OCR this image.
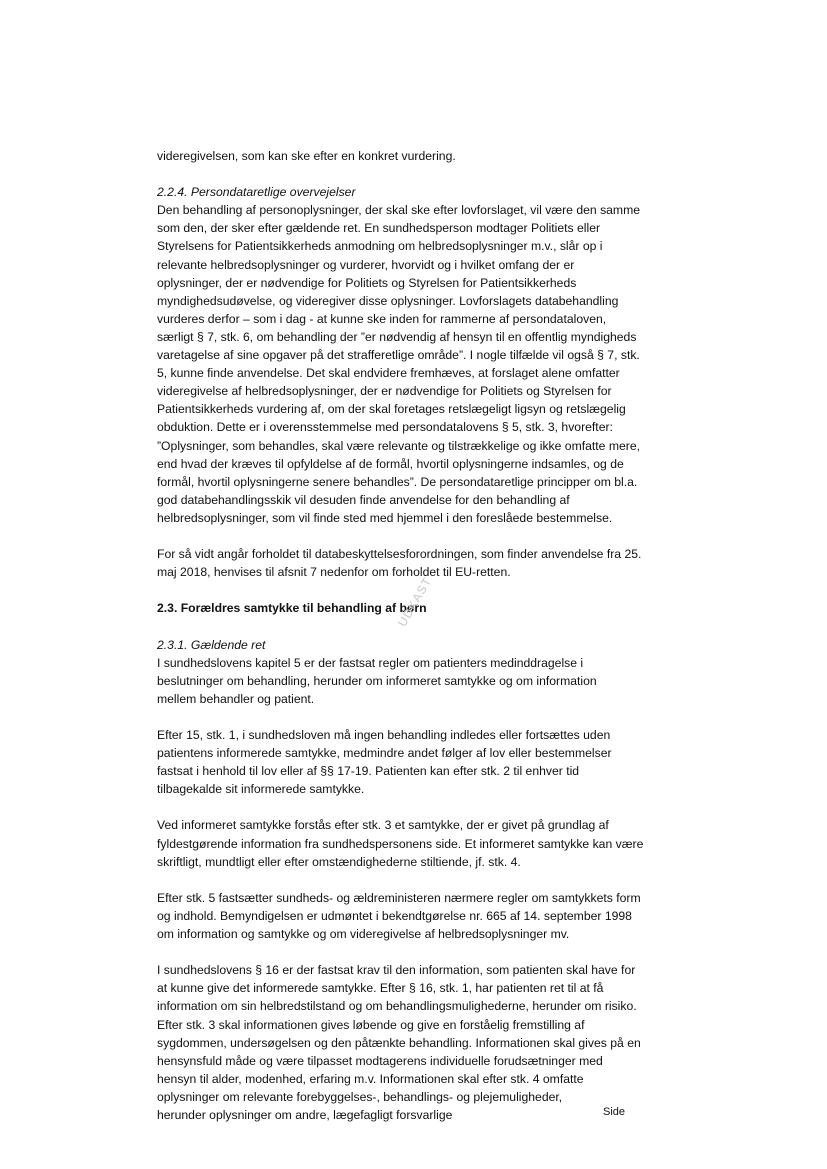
videregivelsen, som kan ske efter en konkret vurdering.
2.2.4. Persondataretlige overvejelser
Den behandling af personoplysninger, der skal ske efter lovforslaget, vil være den samme
som den, der sker efter gældende ret. En sundhedsperson modtager Politiets eller
Styrelsens for Patientsikkerheds anmodning om helbredsoplysninger m.v., slår op i
relevante helbredsoplysninger og vurderer, hvorvidt og i hvilket omfang der er
oplysninger, der er nødvendige for Politiets og Styrelsen for Patientsikkerheds
myndighedsudøvelse, og videregiver disse oplysninger. Lovforslagets databehandling
vurderes derfor – som i dag - at kunne ske inden for rammerne af persondataloven,
særligt § 7, stk. 6, om behandling der ”er nødvendig af hensyn til en offentlig myndigheds
varetagelse af sine opgaver på det strafferetlige område”. I nogle tilfælde vil også § 7, stk.
5, kunne finde anvendelse. Det skal endvidere fremhæves, at forslaget alene omfatter
videregivelse af helbredsoplysninger, der er nødvendige for Politiets og Styrelsen for
Patientsikkerheds vurdering af, om der skal foretages retslægeligt ligsyn og retslægelig
obduktion. Dette er i overensstemmelse med persondatalovens § 5, stk. 3, hvorefter:
”Oplysninger, som behandles, skal være relevante og tilstrækkelige og ikke omfatte mere,
end hvad der kræves til opfyldelse af de formål, hvortil oplysningerne indsamles, og de
formål, hvortil oplysningerne senere behandles”. De persondataretlige principper om bl.a.
god databehandlingsskik vil desuden finde anvendelse for den behandling af
helbredsoplysninger, som vil finde sted med hjemmel i den foreslåede bestemmelse.
For så vidt angår forholdet til databeskyttelsesforordningen, som finder anvendelse fra 25.
maj 2018, henvises til afsnit 7 nedenfor om forholdet til EU-retten.
2.3. Forældres samtykke til behandling af børn
2.3.1. Gældende ret
I sundhedslovens kapitel 5 er der fastsat regler om patienters medinddragelse i
beslutninger om behandling, herunder om informeret samtykke og om information
mellem behandler og patient.
Efter 15, stk. 1, i sundhedsloven må ingen behandling indledes eller fortsættes uden
patientens informerede samtykke, medmindre andet følger af lov eller bestemmelser
fastsat i henhold til lov eller af §§ 17-19. Patienten kan efter stk. 2 til enhver tid
tilbagekalde sit informerede samtykke.
Ved informeret samtykke forstås efter stk. 3 et samtykke, der er givet på grundlag af
fyldestgørende information fra sundhedspersonens side. Et informeret samtykke kan være
skriftligt, mundtligt eller efter omstændighederne stiltiende, jf. stk. 4.
Efter stk. 5 fastsætter sundheds- og ældreministeren nærmere regler om samtykkets form
og indhold. Bemyndigelsen er udmøntet i bekendtgørelse nr. 665 af 14. september 1998
om information og samtykke og om videregivelse af helbredsoplysninger mv.
I sundhedslovens § 16 er der fastsat krav til den information, som patienten skal have for
at kunne give det informerede samtykke. Efter § 16, stk. 1, har patienten ret til at få
information om sin helbredstilstand og om behandlingsmulighederne, herunder om risiko.
Efter stk. 3 skal informationen gives løbende og give en forståelig fremstilling af
sygdommen, undersøgelsen og den påtænkte behandling. Informationen skal gives på en
hensynsfuld måde og være tilpasset modtagerens individuelle forudsætninger med
hensyn til alder, modenhed, erfaring m.v. Informationen skal efter stk. 4 omfatte
oplysninger om relevante forebyggelses-, behandlings- og plejemuligheder,
herunder oplysninger om andre, lægefagligt forsvarlige
UDKAST
Side
